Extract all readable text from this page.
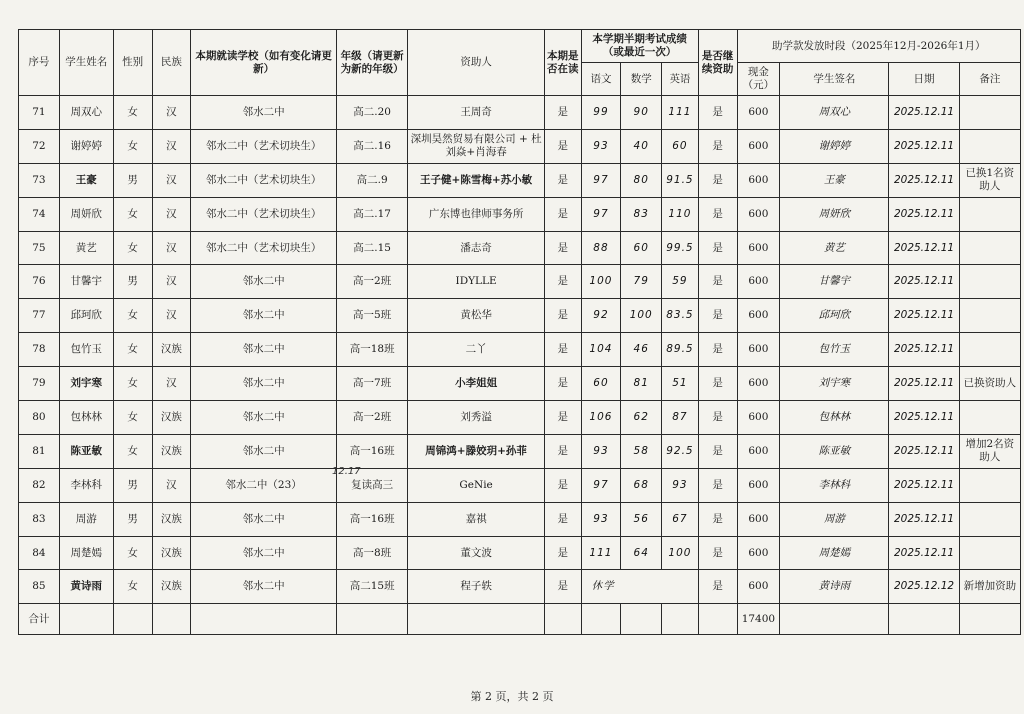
序号	学生姓名	性别	民族	本期就读学校（如有变化请更新）	年级（请更新为新的年级）	资助人	本期是否在读	本学期半期考试成绩（或最近一次）			是否继续资助	助学款发放时段（2025年12月-2026年1月）			
								语文	数学	英语		现金（元）	学生签名	日期	备注
71	周双心	女	汉	邻水二中	高二.20	王周奇	是	99	90	111	是	600	周双心	2025.12.11	
72	谢婷婷	女	汉	邻水二中（艺术切块生）	高二.16	深圳昊然贸易有限公司 + 杜刘焱+肖海春	是	93	40	60	是	600	谢婷婷	2025.12.11	
73	王豪	男	汉	邻水二中（艺术切块生）	高二.9	王子健+陈雪梅+苏小敏	是	97	80	91.5	是	600	王豪	2025.12.11	已换1名资助人
74	周妍欣	女	汉	邻水二中（艺术切块生）	高二.17	广东博也律师事务所	是	97	83	110	是	600	周妍欣	2025.12.11	
75	黄艺	女	汉	邻水二中（艺术切块生）	高二.15	潘志奇	是	88	60	99.5	是	600	黄艺	2025.12.11	
76	甘馨宇	男	汉	邻水二中	高一2班	IDYLLE	是	100	79	59	是	600	甘馨宇	2025.12.11	
77	邱珂欣	女	汉	邻水二中	高一5班	黄松华	是	92	100	83.5	是	600	邱珂欣	2025.12.11	
78	包竹玉	女	汉族	邻水二中	高一18班	二丫	是	104	46	89.5	是	600	包竹玉	2025.12.11	
79	刘宇寒	女	汉	邻水二中	高一7班	小李姐姐	是	60	81	51	是	600	刘宇寒	2025.12.11	已换资助人
80	包林林	女	汉族	邻水二中	高一2班	刘秀溢	是	106	62	87	是	600	包林林	2025.12.11	
81	陈亚敏	女	汉族	邻水二中	高一16班	周锦鸿+滕姣玥+孙菲	是	93	58	92.5	是	600	陈亚敏	2025.12.11	增加2名资助人
82	李林科	男	汉	邻水二中（23）	复读高三	GeNie	是	97	68	93	是	600	李林科	2025.12.11	
83	周游	男	汉族	邻水二中	高一16班	嘉祺	是	93	56	67	是	600	周游	2025.12.11	
84	周楚嫣	女	汉族	邻水二中	高一8班	董文波	是	111	64	100	是	600	周楚嫣	2025.12.11	
85	黄诗雨	女	汉族	邻水二中	高二15班	程子轶	是	休学			是	600	黄诗雨	2025.12.12	新增加资助
合计												17400			
12.17
第 2 页，共 2 页
